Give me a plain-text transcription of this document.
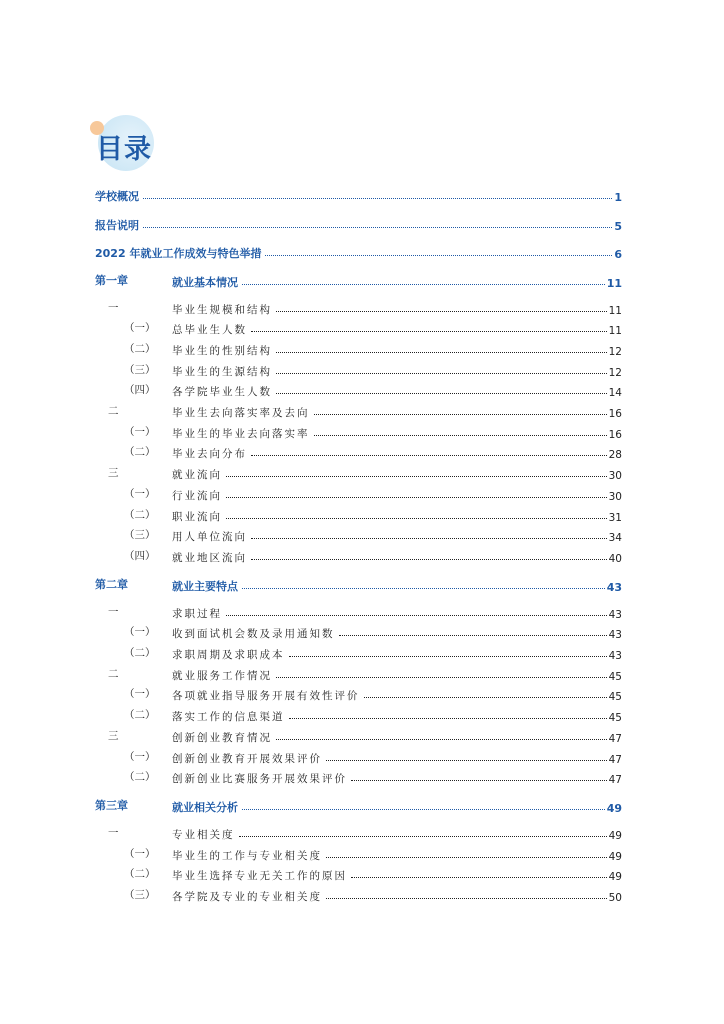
目录
学校概况	1
报告说明	5
2022 年就业工作成效与特色举措	6
第一章	就业基本情况	11
一	毕业生规模和结构	11
（一） 总毕业生人数	11
（二） 毕业生的性别结构	12
（三） 毕业生的生源结构	12
（四） 各学院毕业生人数	14
二	毕业生去向落实率及去向	16
（一） 毕业生的毕业去向落实率	16
（二） 毕业去向分布	28
三	就业流向	30
（一） 行业流向	30
（二） 职业流向	31
（三） 用人单位流向	34
（四） 就业地区流向	40
第二章	就业主要特点	43
一	求职过程	43
（一） 收到面试机会数及录用通知数	43
（二） 求职周期及求职成本	43
二	就业服务工作情况	45
（一） 各项就业指导服务开展有效性评价	45
（二） 落实工作的信息渠道	45
三	创新创业教育情况	47
（一） 创新创业教育开展效果评价	47
（二） 创新创业比赛服务开展效果评价	47
第三章	就业相关分析	49
一	专业相关度	49
（一） 毕业生的工作与专业相关度	49
（二） 毕业生选择专业无关工作的原因	49
（三） 各学院及专业的专业相关度	50
